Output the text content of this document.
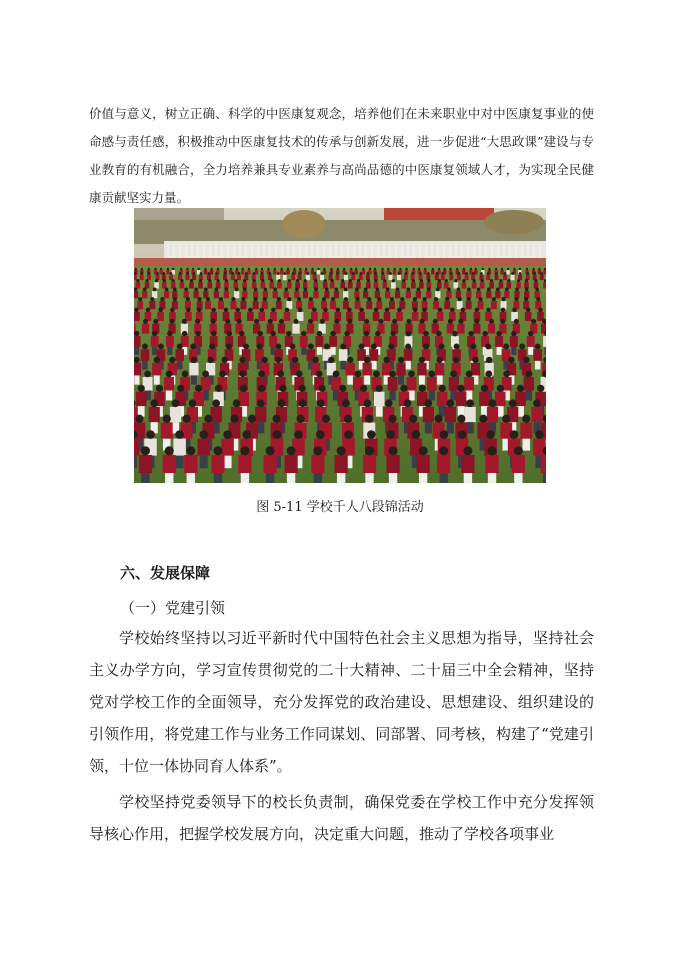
价值与意义，树立正确、科学的中医康复观念，培养他们在未来职业中对中医康复事业的使命感与责任感，积极推动中医康复技术的传承与创新发展，进一步促进“大思政课”建设与专业教育的有机融合，全力培养兼具专业素养与高尚品德的中医康复领域人才，为实现全民健康贡献坚实力量。

图 5-11 学校千人八段锦活动

六、发展保障

（一）党建引领

学校始终坚持以习近平新时代中国特色社会主义思想为指导，坚持社会主义办学方向，学习宣传贯彻党的二十大精神、二十届三中全会精神，坚持党对学校工作的全面领导，充分发挥党的政治建设、思想建设、组织建设的引领作用，将党建工作与业务工作同谋划、同部署、同考核，构建了“党建引领，十位一体协同育人体系”。

学校坚持党委领导下的校长负责制，确保党委在学校工作中充分发挥领导核心作用，把握学校发展方向，决定重大问题，推动了学校各项事业
